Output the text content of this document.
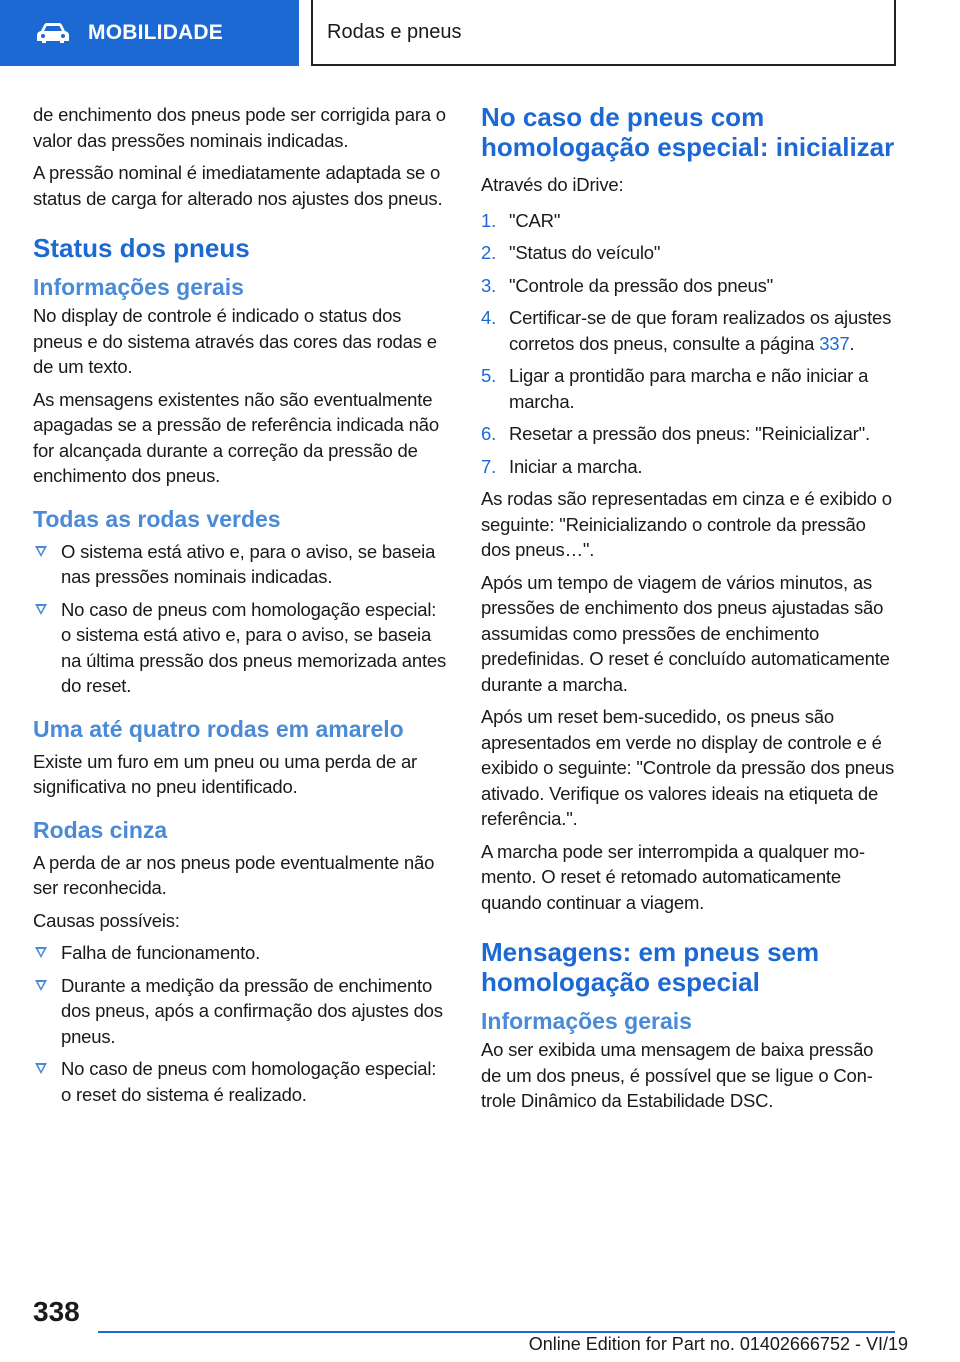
MOBILIDADE	Rodas e pneus

de enchimento dos pneus pode ser corrigida para o valor das pressões nominais indicadas.

A pressão nominal é imediatamente adaptada se o status de carga for alterado nos ajustes dos pneus.

Status dos pneus
Informações gerais

No display de controle é indicado o status dos pneus e do sistema através das cores das rodas e de um texto.

As mensagens existentes não são eventualmente apagadas se a pressão de referência indicada não for alcançada durante a correção da pressão de enchimento dos pneus.

Todas as rodas verdes
O sistema está ativo e, para o aviso, se baseia nas pressões nominais indicadas.
No caso de pneus com homologação especial: o sistema está ativo e, para o aviso, se baseia na última pressão dos pneus memorizada antes do reset.
Uma até quatro rodas em amarelo

Existe um furo em um pneu ou uma perda de ar significativa no pneu identificado.

Rodas cinza

A perda de ar nos pneus pode eventualmente não ser reconhecida.

Causas possíveis:

Falha de funcionamento.
Durante a medição da pressão de enchimento dos pneus, após a confirmação dos ajustes dos pneus.
No caso de pneus com homologação especial: o reset do sistema é realizado.
No caso de pneus com homologação especial: inicializar

Através do iDrive:

1. "CAR"
2. "Status do veículo"
3. "Controle da pressão dos pneus"
4. Certificar-se de que foram realizados os ajustes corretos dos pneus, consulte a página 337.
5. Ligar a prontidão para marcha e não iniciar a marcha.
6. Resetar a pressão dos pneus: "Reinicializar".
7. Iniciar a marcha.

As rodas são representadas em cinza e é exibido o seguinte: "Reinicializando o controle da pressão dos pneus…".

Após um tempo de viagem de vários minutos, as pressões de enchimento dos pneus ajustadas são assumidas como pressões de enchimento predefinidas. O reset é concluído automaticamente durante a marcha.

Após um reset bem-sucedido, os pneus são apresentados em verde no display de controle e é exibido o seguinte: "Controle da pressão dos pneus ativado. Verifique os valores ideais na etiqueta de referência.".

A marcha pode ser interrompida a qualquer momento. O reset é retomado automaticamente quando continuar a viagem.

Mensagens: em pneus sem homologação especial
Informações gerais

Ao ser exibida uma mensagem de baixa pressão de um dos pneus, é possível que se ligue o Controle Dinâmico da Estabilidade DSC.

338
Online Edition for Part no. 01402666752 - VI/19
